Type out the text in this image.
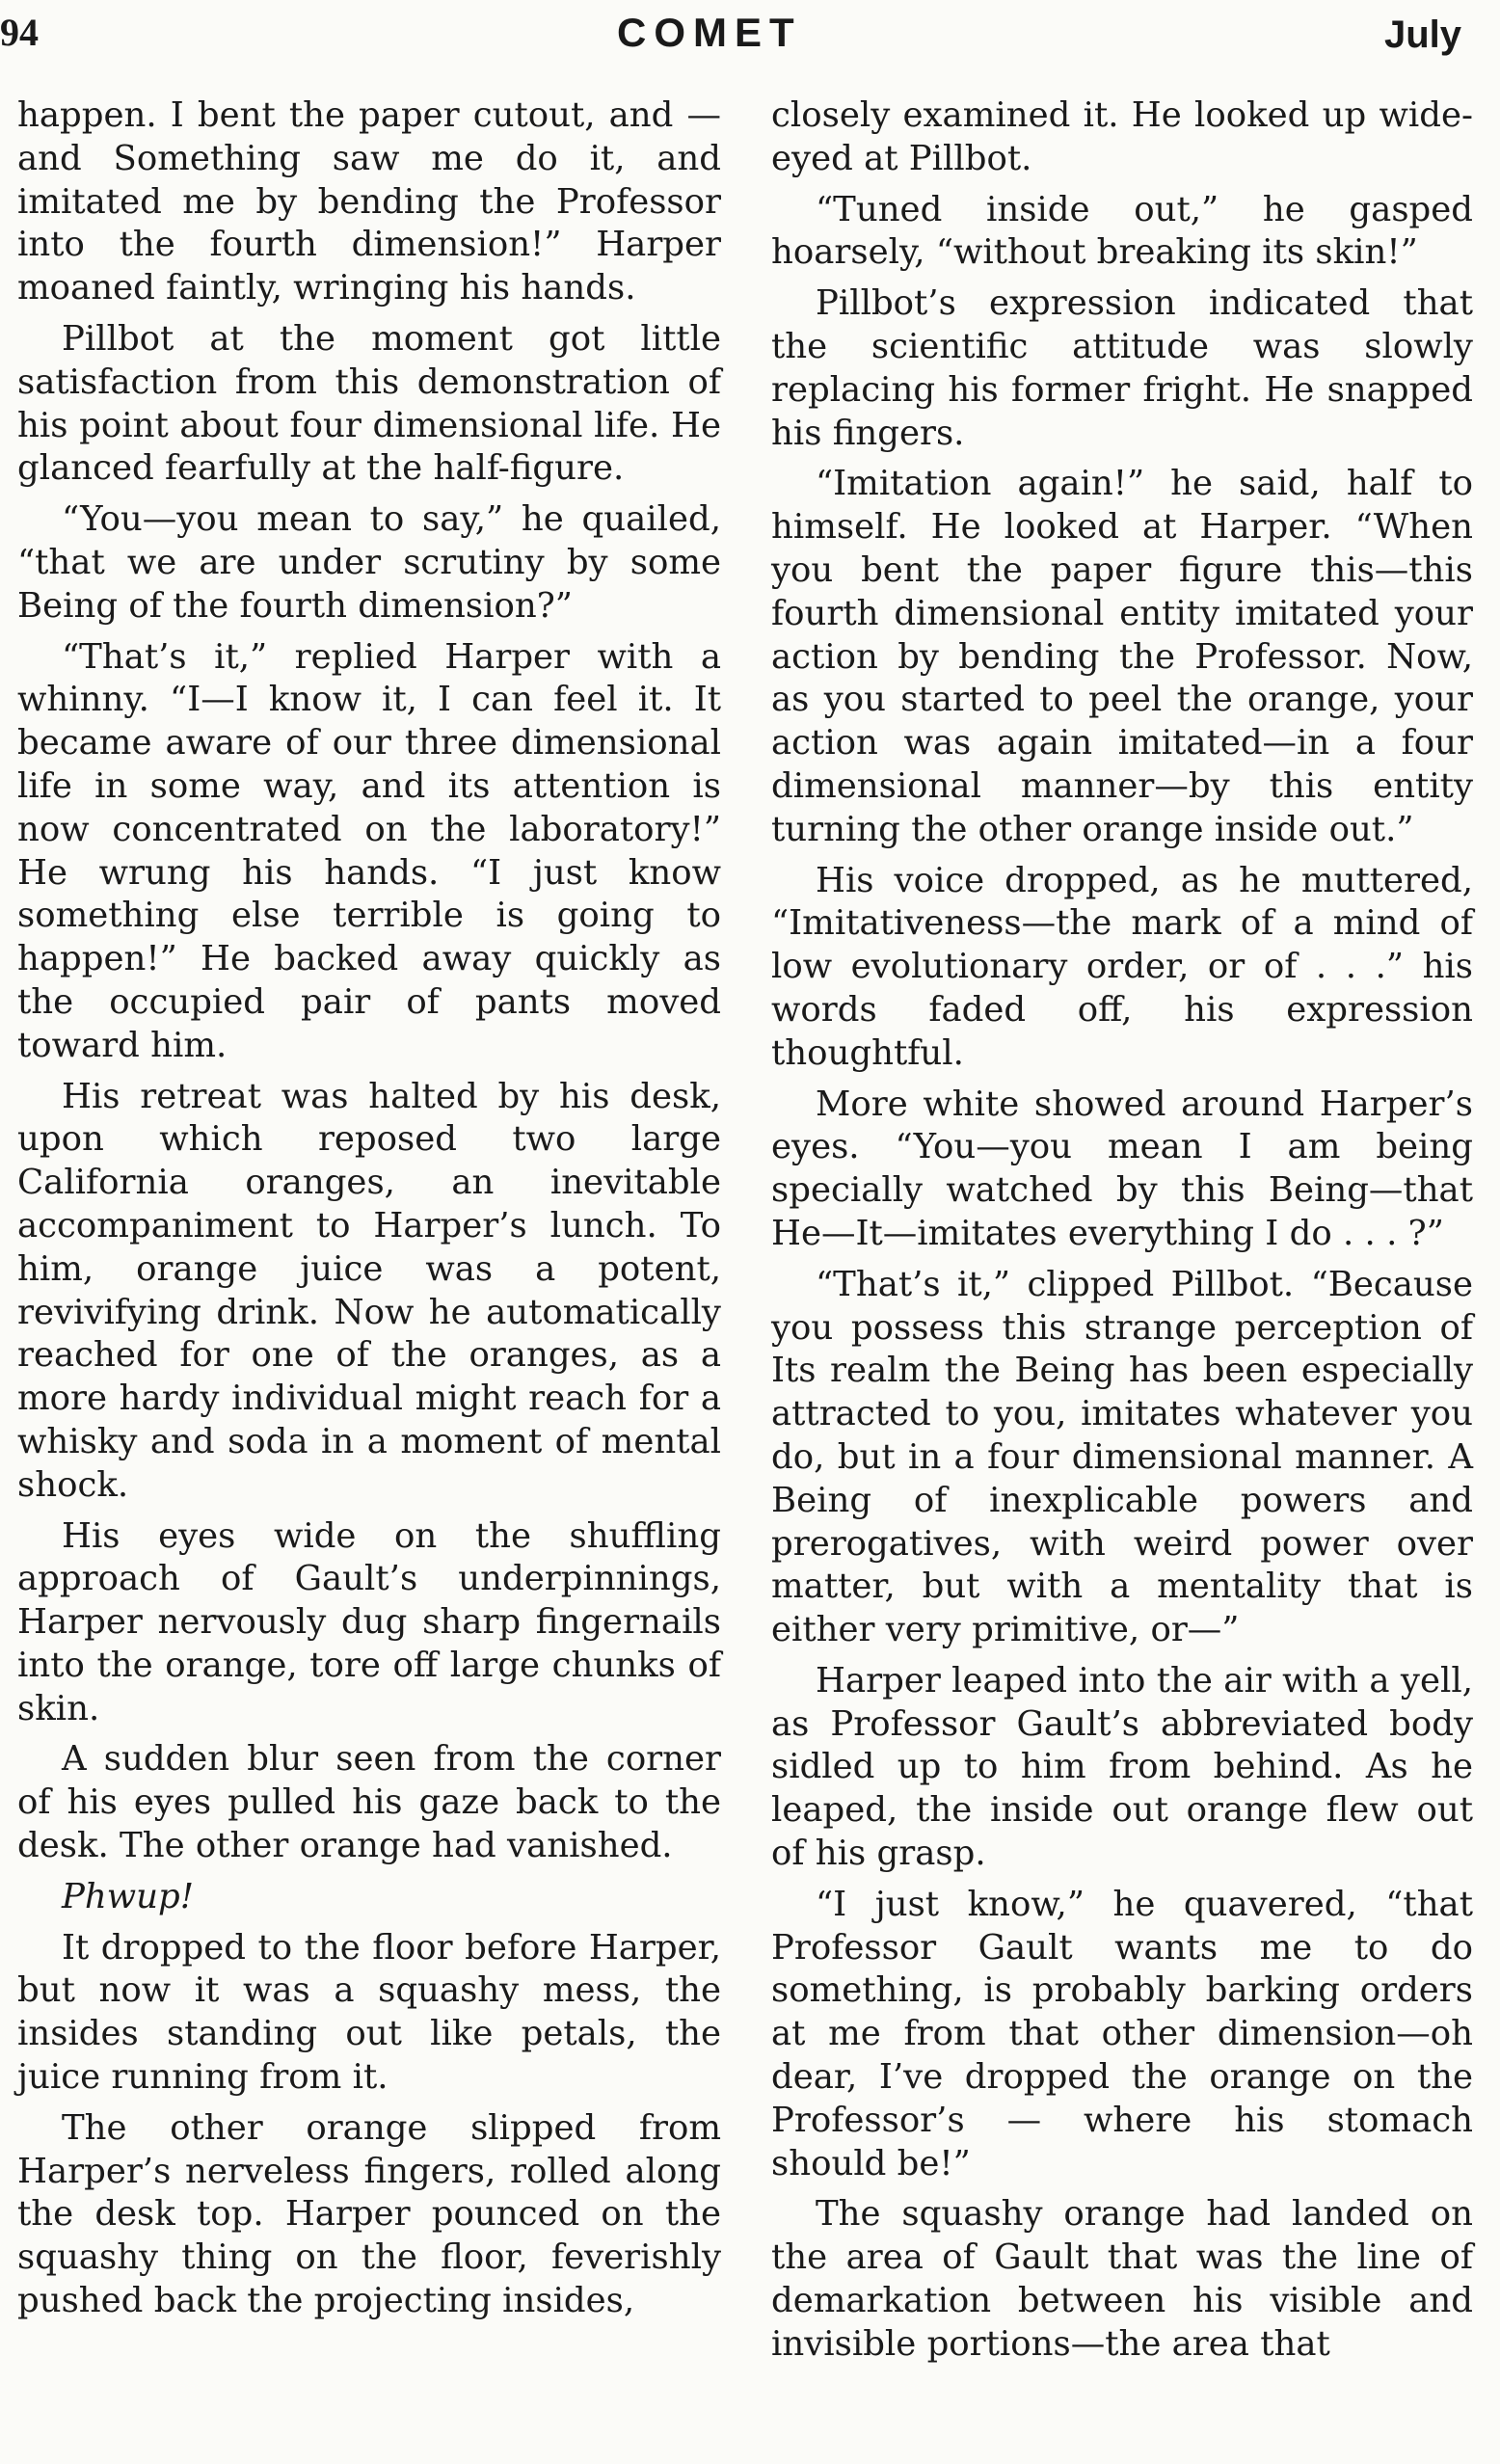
94	COMET	July

happen. I bent the paper cutout, and —and Something saw me do it, and imitated me by bending the Professor into the fourth dimension!” Harper moaned faintly, wringing his hands.

Pillbot at the moment got little satisfaction from this demonstration of his point about four dimensional life. He glanced fearfully at the half-figure.

“You—you mean to say,” he quailed, “that we are under scrutiny by some Being of the fourth dimension?”

“That’s it,” replied Harper with a whinny. “I—I know it, I can feel it. It became aware of our three dimensional life in some way, and its attention is now concentrated on the laboratory!” He wrung his hands. “I just know something else terrible is going to happen!” He backed away quickly as the occupied pair of pants moved toward him.

His retreat was halted by his desk, upon which reposed two large California oranges, an inevitable accompaniment to Harper’s lunch. To him, orange juice was a potent, revivifying drink. Now he automatically reached for one of the oranges, as a more hardy individual might reach for a whisky and soda in a moment of mental shock.

His eyes wide on the shuffling approach of Gault’s underpinnings, Harper nervously dug sharp fingernails into the orange, tore off large chunks of skin.

A sudden blur seen from the corner of his eyes pulled his gaze back to the desk. The other orange had vanished.

Phwup!

It dropped to the floor before Harper, but now it was a squashy mess, the insides standing out like petals, the juice running from it.

The other orange slipped from Harper’s nerveless fingers, rolled along the desk top. Harper pounced on the squashy thing on the floor, feverishly pushed back the projecting insides,

closely examined it. He looked up wide-eyed at Pillbot.

“Tuned inside out,” he gasped hoarsely, “without breaking its skin!”

Pillbot’s expression indicated that the scientific attitude was slowly replacing his former fright. He snapped his fingers.

“Imitation again!” he said, half to himself. He looked at Harper. “When you bent the paper figure this—this fourth dimensional entity imitated your action by bending the Professor. Now, as you started to peel the orange, your action was again imitated—in a four dimensional manner—by this entity turning the other orange inside out.”

His voice dropped, as he muttered, “Imitativeness—the mark of a mind of low evolutionary order, or of . . .” his words faded off, his expression thoughtful.

More white showed around Harper’s eyes. “You—you mean I am being specially watched by this Being—that He—It—imitates everything I do . . . ?”

“That’s it,” clipped Pillbot. “Because you possess this strange perception of Its realm the Being has been especially attracted to you, imitates whatever you do, but in a four dimensional manner. A Being of inexplicable powers and prerogatives, with weird power over matter, but with a mentality that is either very primitive, or—”

Harper leaped into the air with a yell, as Professor Gault’s abbreviated body sidled up to him from behind. As he leaped, the inside out orange flew out of his grasp.

“I just know,” he quavered, “that Professor Gault wants me to do something, is probably barking orders at me from that other dimension—oh dear, I’ve dropped the orange on the Professor’s — where his stomach should be!”

The squashy orange had landed on the area of Gault that was the line of demarkation between his visible and invisible portions—the area that
